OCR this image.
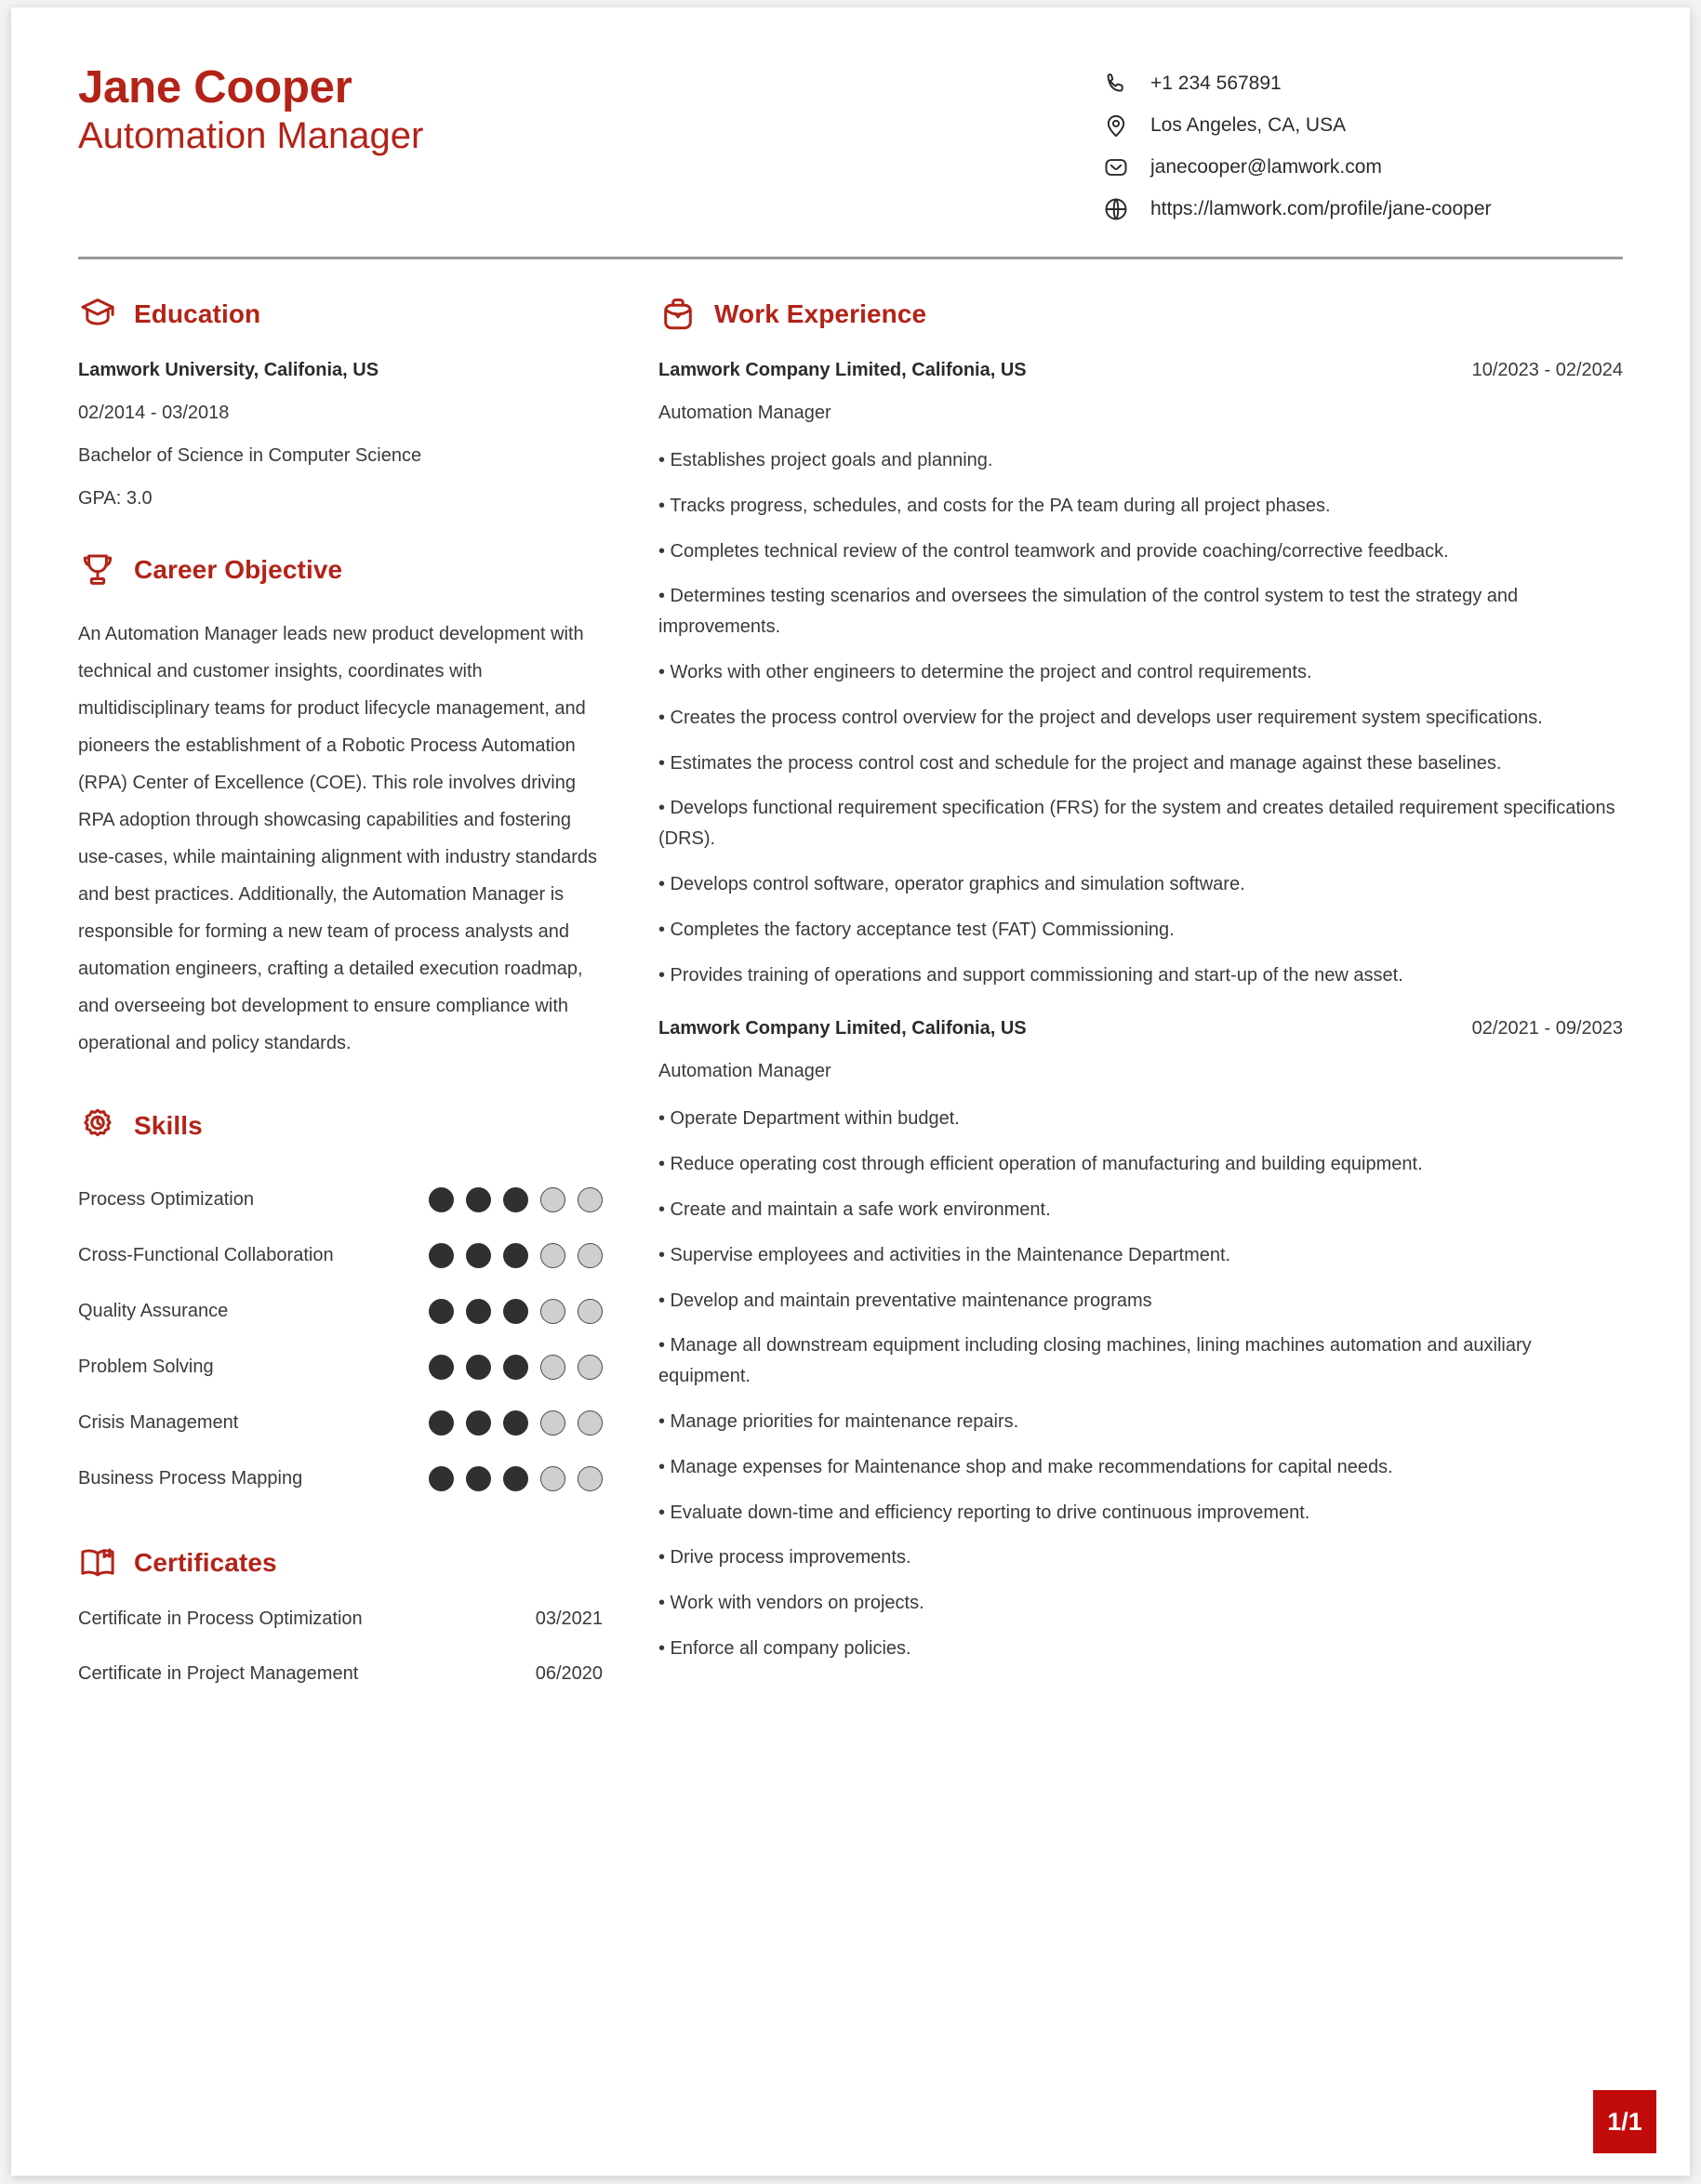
Jane Cooper
Automation Manager
+1 234 567891
Los Angeles, CA, USA
janecooper@lamwork.com
https://lamwork.com/profile/jane-cooper
Education
Lamwork University, Califonia, US
02/2014 - 03/2018
Bachelor of Science in Computer Science
GPA: 3.0
Career Objective
An Automation Manager leads new product development with technical and customer insights, coordinates with multidisciplinary teams for product lifecycle management, and pioneers the establishment of a Robotic Process Automation (RPA) Center of Excellence (COE). This role involves driving RPA adoption through showcasing capabilities and fostering use-cases, while maintaining alignment with industry standards and best practices. Additionally, the Automation Manager is responsible for forming a new team of process analysts and automation engineers, crafting a detailed execution roadmap, and overseeing bot development to ensure compliance with operational and policy standards.
Skills
Process Optimization
Cross-Functional Collaboration
Quality Assurance
Problem Solving
Crisis Management
Business Process Mapping
Certificates
Certificate in Process Optimization	03/2021
Certificate in Project Management	06/2020
Work Experience
Lamwork Company Limited, Califonia, US	10/2023 - 02/2024
Automation Manager
• Establishes project goals and planning.
• Tracks progress, schedules, and costs for the PA team during all project phases.
• Completes technical review of the control teamwork and provide coaching/corrective feedback.
• Determines testing scenarios and oversees the simulation of the control system to test the strategy and improvements.
• Works with other engineers to determine the project and control requirements.
• Creates the process control overview for the project and develops user requirement system specifications.
• Estimates the process control cost and schedule for the project and manage against these baselines.
• Develops functional requirement specification (FRS) for the system and creates detailed requirement specifications (DRS).
• Develops control software, operator graphics and simulation software.
• Completes the factory acceptance test (FAT) Commissioning.
• Provides training of operations and support commissioning and start-up of the new asset.
Lamwork Company Limited, Califonia, US	02/2021 - 09/2023
Automation Manager
• Operate Department within budget.
• Reduce operating cost through efficient operation of manufacturing and building equipment.
• Create and maintain a safe work environment.
• Supervise employees and activities in the Maintenance Department.
• Develop and maintain preventative maintenance programs
• Manage all downstream equipment including closing machines, lining machines automation and auxiliary equipment.
• Manage priorities for maintenance repairs.
• Manage expenses for Maintenance shop and make recommendations for capital needs.
• Evaluate down-time and efficiency reporting to drive continuous improvement.
• Drive process improvements.
• Work with vendors on projects.
• Enforce all company policies.
1/1
